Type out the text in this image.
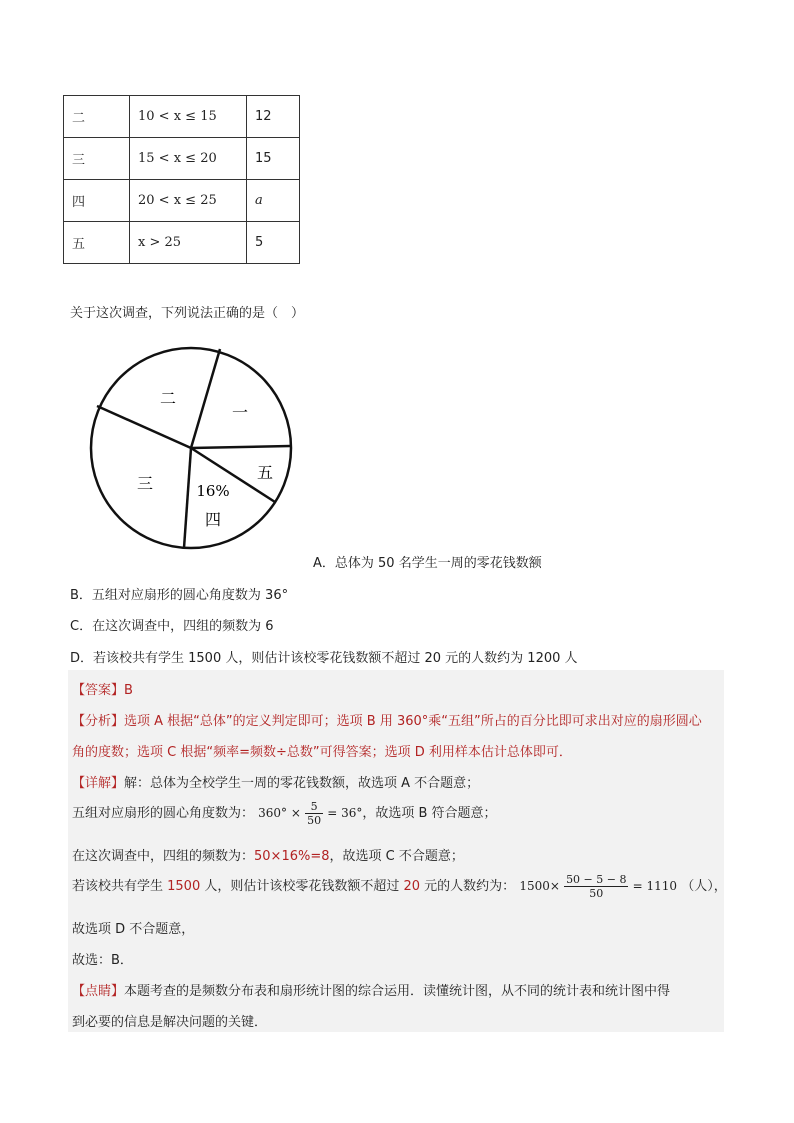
二	10 < x ≤ 15	12
三	15 < x ≤ 20	15
四	20 < x ≤ 25	a
五	x > 25	5
关于这次调查，下列说法正确的是（　）
一
二
三
四
五
16%
A．总体为 50 名学生一周的零花钱数额
B．五组对应扇形的圆心角度数为 36°
C．在这次调查中，四组的频数为 6
D．若该校共有学生 1500 人，则估计该校零花钱数额不超过 20 元的人数约为 1200 人
【答案】B
【分析】选项 A 根据“总体”的定义判定即可；选项 B 用 360°乘“五组”所占的百分比即可求出对应的扇形圆心
角的度数；选项 C 根据“频率=频数÷总数”可得答案；选项 D 利用样本估计总体即可．
【详解】解：总体为全校学生一周的零花钱数额，故选项 A 不合题意；
五组对应扇形的圆心角度数为： $360^\circ \times \frac{5}{50} = 36^\circ$，故选项 B 符合题意；
在这次调查中，四组的频数为：50×16%=8，故选项 C 不合题意；
若该校共有学生 1500 人，则估计该校零花钱数额不超过 20 元的人数约为： $1500\times \frac{50 - 5 - 8}{50} = 1110$ （人），
故选项 D 不合题意，
故选：B．
【点睛】本题考查的是频数分布表和扇形统计图的综合运用．读懂统计图，从不同的统计表和统计图中得
到必要的信息是解决问题的关键．
